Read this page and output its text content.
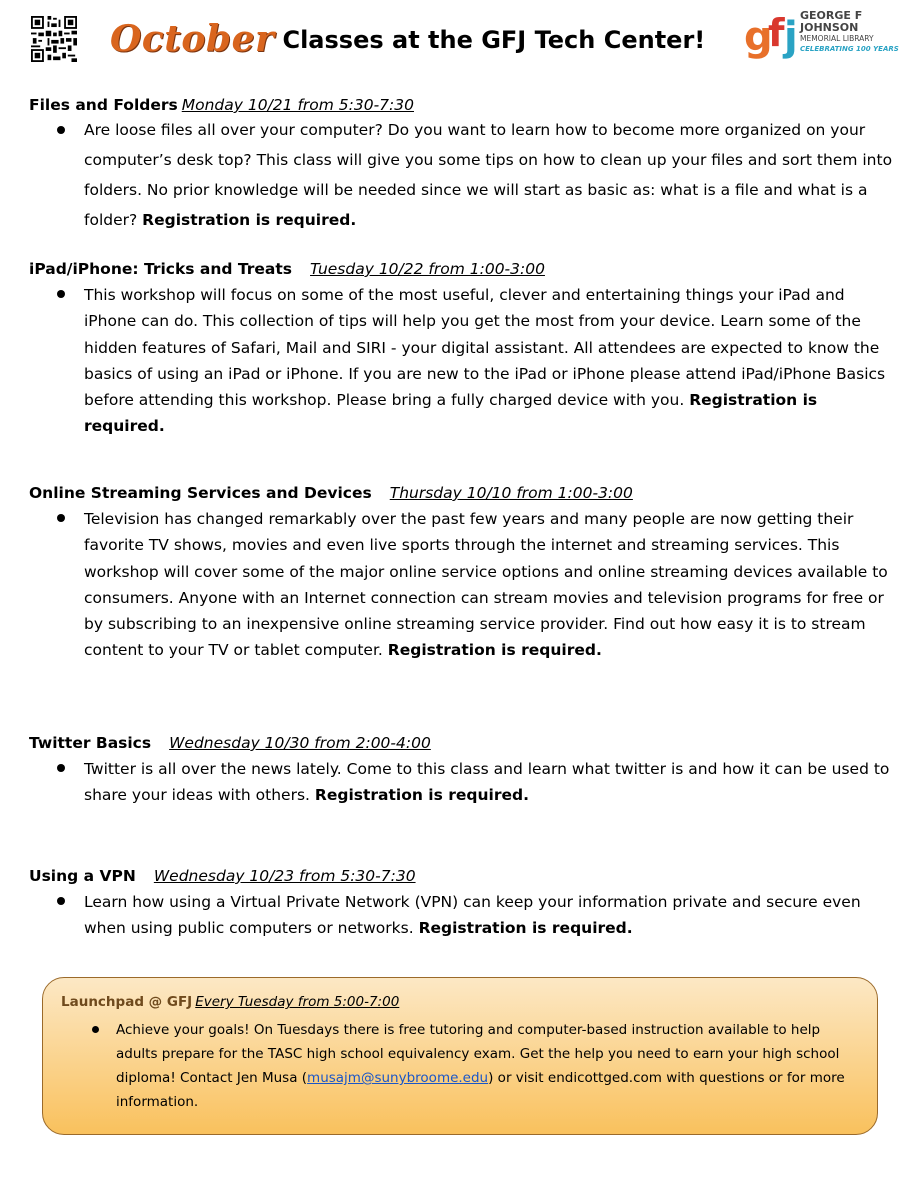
October Classes at the GFJ Tech Center! g
f j GEORGE F
JOHNSON
MEMORIAL LIBRARY
CELEBRATING 100 YEARS
Files and Folders Monday 10/21 from 5:30-7:30
Are loose files all over your computer? Do you want to learn how to become more organized on your computer’s desk top? This class will give you some tips on how to clean up your files and sort them into folders. No prior knowledge will be needed since we will start as basic as: what is a file and what is a folder? Registration is required.
iPad/iPhone: Tricks and Treats Tuesday 10/22 from 1:00-3:00
This workshop will focus on some of the most useful, clever and entertaining things your iPad and iPhone can do. This collection of tips will help you get the most from your device. Learn some of the hidden features of Safari, Mail and SIRI - your digital assistant. All attendees are expected to know the basics of using an iPad or iPhone. If you are new to the iPad or iPhone please attend iPad/iPhone Basics before attending this workshop. Please bring a fully charged device with you. Registration is required.
Online Streaming Services and Devices Thursday 10/10 from 1:00-3:00
Television has changed remarkably over the past few years and many people are now getting their favorite TV shows, movies and even live sports through the internet and streaming services. This workshop will cover some of the major online service options and online streaming devices available to consumers. Anyone with an Internet connection can stream movies and television programs for free or by subscribing to an inexpensive online streaming service provider. Find out how easy it is to stream content to your TV or tablet computer. Registration is required.
Twitter Basics Wednesday 10/30 from 2:00-4:00
Twitter is all over the news lately. Come to this class and learn what twitter is and how it can be used to share your ideas with others. Registration is required.
Using a VPN Wednesday 10/23 from 5:30-7:30
Learn how using a Virtual Private Network (VPN) can keep your information private and secure even when using public computers or networks. Registration is required.
Launchpad @ GFJ Every Tuesday from 5:00-7:00
Achieve your goals! On Tuesdays there is free tutoring and computer-based instruction available to help adults prepare for the TASC high school equivalency exam. Get the help you need to earn your high school diploma! Contact Jen Musa (musajm@sunybroome.edu) or visit endicottged.com with questions or for more information.
